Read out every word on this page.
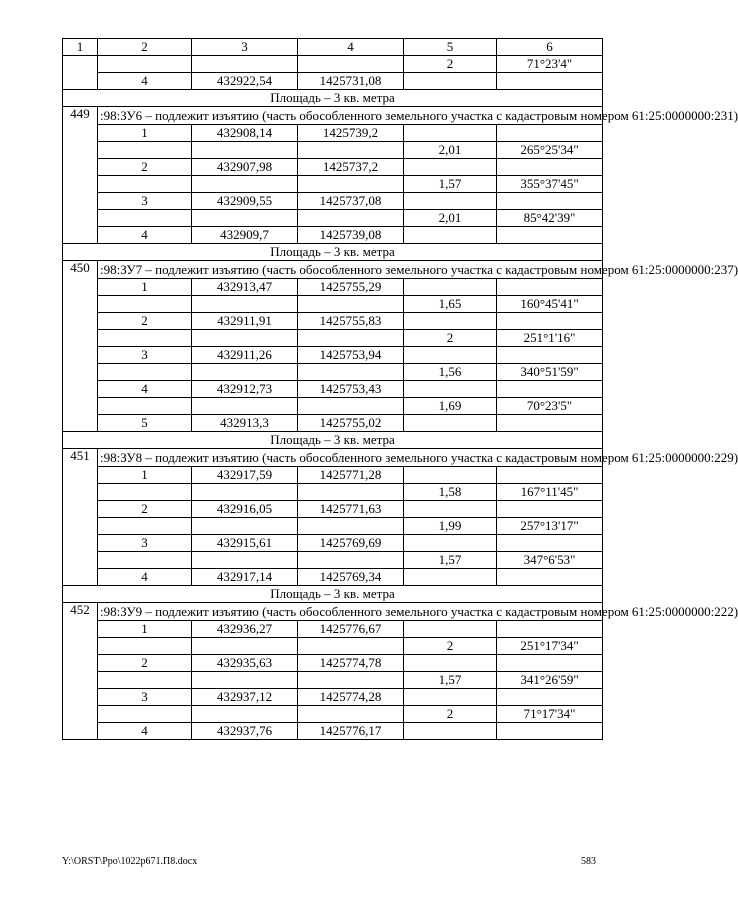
1	2	3	4	5	6
				2	71°23'4"
	4	432922,54	1425731,08		
Площадь – 3 кв. метра					
449	:98:ЗУ6 – подлежит изъятию (часть обособленного земельного участка с кадастровым номером 61:25:0000000:231)				
	1	432908,14	1425739,2		
				2,01	265°25'34"
	2	432907,98	1425737,2		
				1,57	355°37'45"
	3	432909,55	1425737,08		
				2,01	85°42'39"
	4	432909,7	1425739,08		
Площадь – 3 кв. метра					
450	:98:ЗУ7 – подлежит изъятию (часть обособленного земельного участка с кадастровым номером 61:25:0000000:237)				
	1	432913,47	1425755,29		
				1,65	160°45'41"
	2	432911,91	1425755,83		
				2	251°1'16"
	3	432911,26	1425753,94		
				1,56	340°51'59"
	4	432912,73	1425753,43		
				1,69	70°23'5"
	5	432913,3	1425755,02		
Площадь – 3 кв. метра					
451	:98:ЗУ8 – подлежит изъятию (часть обособленного земельного участка с кадастровым номером 61:25:0000000:229)				
	1	432917,59	1425771,28		
				1,58	167°11'45"
	2	432916,05	1425771,63		
				1,99	257°13'17"
	3	432915,61	1425769,69		
				1,57	347°6'53"
	4	432917,14	1425769,34		
Площадь – 3 кв. метра					
452	:98:ЗУ9 – подлежит изъятию (часть обособленного земельного участка с кадастровым номером 61:25:0000000:222)				
	1	432936,27	1425776,67		
				2	251°17'34"
	2	432935,63	1425774,78		
				1,57	341°26'59"
	3	432937,12	1425774,28		
				2	71°17'34"
	4	432937,76	1425776,17		
Y:\ORST\Ppo\1022p671.П8.docx	583
